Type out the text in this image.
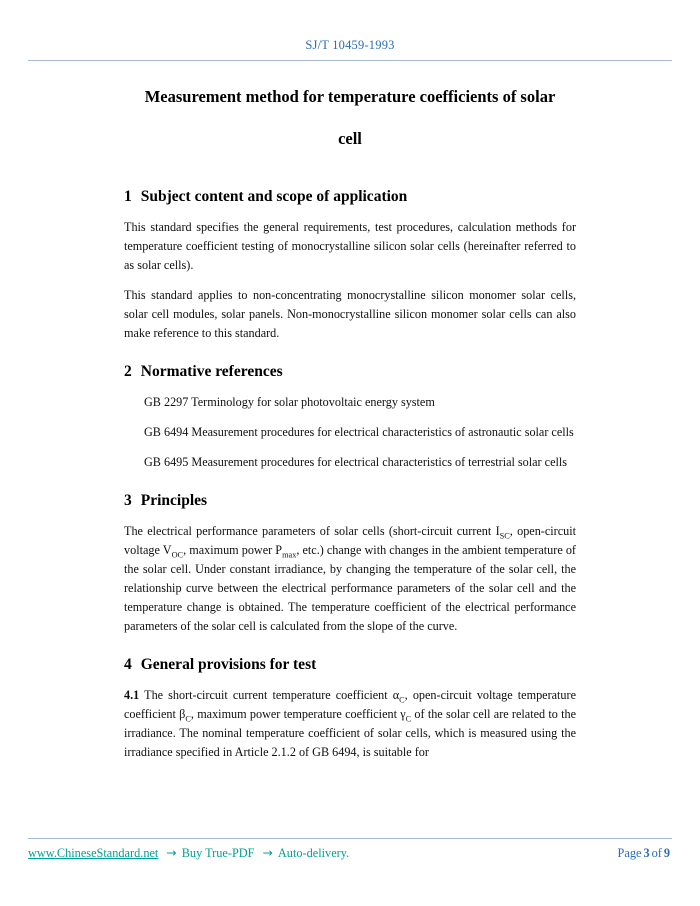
SJ/T 10459-1993
Measurement method for temperature coefficients of solar
cell
1 Subject content and scope of application

This standard specifies the general requirements, test procedures, calculation methods for temperature coefficient testing of monocrystalline silicon solar cells (hereinafter referred to as solar cells).

This standard applies to non-concentrating monocrystalline silicon monomer solar cells, solar cell modules, solar panels. Non-monocrystalline silicon monomer solar cells can also make reference to this standard.

2 Normative references

GB 2297 Terminology for solar photovoltaic energy system

GB 6494 Measurement procedures for electrical characteristics of astronautic solar cells

GB 6495 Measurement procedures for electrical characteristics of terrestrial solar cells

3 Principles

The electrical performance parameters of solar cells (short-circuit current $I_{SC}$, open-circuit voltage $V_{OC}$, maximum power $P_{max}$, etc.) change with changes in the ambient temperature of the solar cell. Under constant irradiance, by changing the temperature of the solar cell, the relationship curve between the electrical performance parameters of the solar cell and the temperature change is obtained. The temperature coefficient of the electrical performance parameters of the solar cell is calculated from the slope of the curve.

4 General provisions for test

4.1 The short-circuit current temperature coefficient $\alpha_C$, open-circuit voltage temperature coefficient $\beta_C$, maximum power temperature coefficient $\gamma_C$ of the solar cell are related to the irradiance. The nominal temperature coefficient of solar cells, which is measured using the irradiance specified in Article 2.1.2 of GB 6494, is suitable for

www.ChineseStandard.net → Buy True-PDF → Auto-delivery.	Page 3 of 9
